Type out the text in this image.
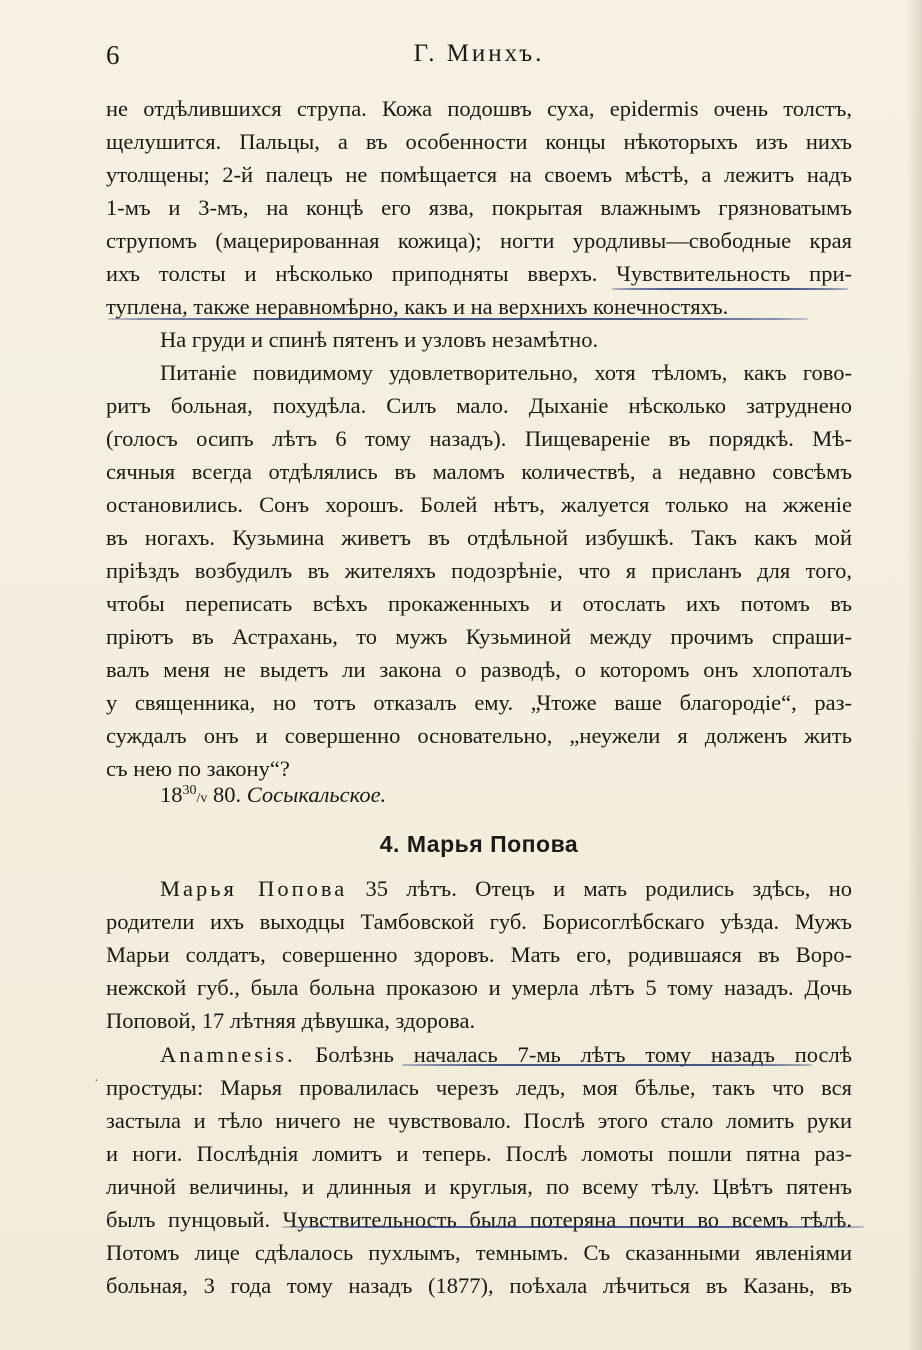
6	Г. Минхъ.
не отдѣлившихся струпа. Кожа подошвъ суха, epidermis очень толстъ,
щелушится. Пальцы, а въ особенности концы нѣкоторыхъ изъ нихъ
утолщены; 2-й палецъ не помѣщается на своемъ мѣстѣ, а лежитъ надъ
1-мъ и 3-мъ, на концѣ его язва, покрытая влажнымъ грязноватымъ
струпомъ (мацерированная кожица); ногти уродливы—свободные края
ихъ толсты и нѣсколько приподняты вверхъ. Чувствительность при-
туплена, также неравномѣрно, какъ и на верхнихъ конечностяхъ.
На груди и спинѣ пятенъ и узловъ незамѣтно.
Питаніе повидимому удовлетворительно, хотя тѣломъ, какъ гово-
ритъ больная, похудѣла. Силъ мало. Дыханіе нѣсколько затруднено
(голосъ осипъ лѣтъ 6 тому назадъ). Пищевареніе въ порядкѣ. Мѣ-
сячныя всегда отдѣлялись въ маломъ количествѣ, а недавно совсѣмъ
остановились. Сонъ хорошъ. Болей нѣтъ, жалуется только на жженіе
въ ногахъ. Кузьмина живетъ въ отдѣльной избушкѣ. Такъ какъ мой
пріѣздъ возбудилъ въ жителяхъ подозрѣніе, что я присланъ для того,
чтобы переписать всѣхъ прокаженныхъ и отослать ихъ потомъ въ
пріютъ въ Астрахань, то мужъ Кузьминой между прочимъ спраши-
валъ меня не выдетъ ли закона о разводѣ, о которомъ онъ хлопоталъ
у священника, но тотъ отказалъ ему. „Чтоже ваше благородіе“, раз-
суждалъ онъ и совершенно основательно, „неужели я долженъ жить
съ нею по закону“?
$18^{30}/v$ 80. Сосыкальское.
4. Марья Попова
Марья Попова 35 лѣтъ. Отецъ и мать родились здѣсь, но
родители ихъ выходцы Тамбовской губ. Борисоглѣбскаго уѣзда. Мужъ
Марьи солдатъ, совершенно здоровъ. Мать его, родившаяся въ Воро-
нежской губ., была больна проказою и умерла лѣтъ 5 тому назадъ. Дочь
Поповой, 17 лѣтняя дѣвушка, здорова.
Anamnesis. Болѣзнь началась 7-мь лѣтъ тому назадъ послѣ
простуды: Марья провалилась черезъ ледъ, моя бѣлье, такъ что вся
застыла и тѣло ничего не чувствовало. Послѣ этого стало ломить руки
и ноги. Послѣднія ломитъ и теперь. Послѣ ломоты пошли пятна раз-
личной величины, и длинныя и круглыя, по всему тѣлу. Цвѣтъ пятенъ
былъ пунцовый. Чувствительность была потеряна почти во всемъ тѣлѣ.
Потомъ лице сдѣлалось пухлымъ, темнымъ. Съ сказанными явленіями
больная, 3 года тому назадъ (1877), поѣхала лѣчиться въ Казань, въ
·
